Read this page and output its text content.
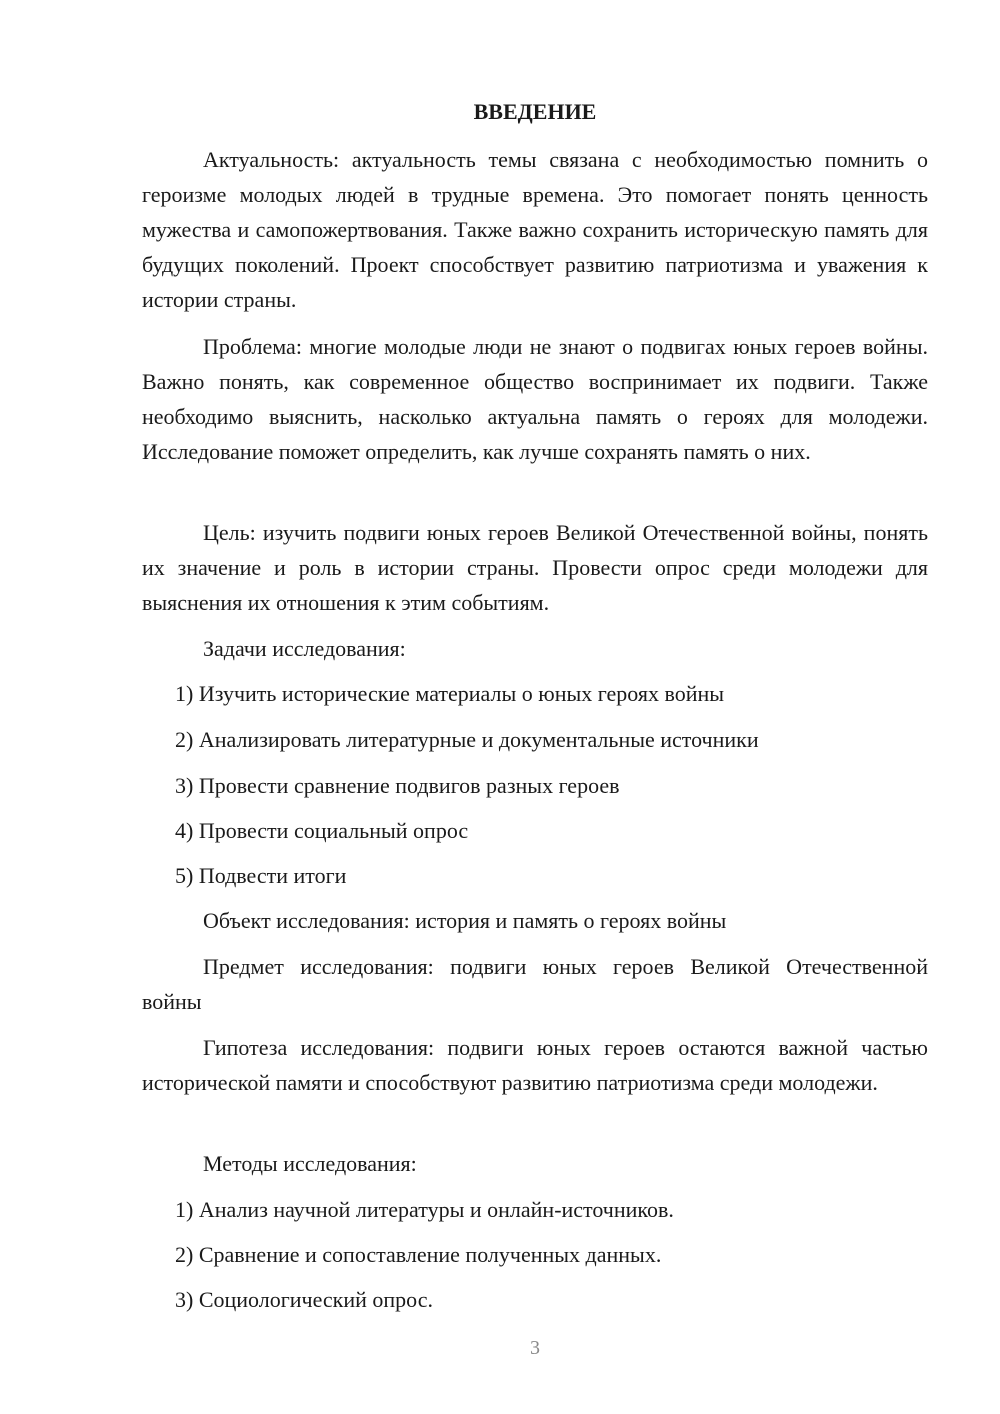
ВВЕДЕНИЕ

Актуальность: актуальность темы связана с необходимостью помнить о героизме молодых людей в трудные времена. Это помогает понять ценность мужества и самопожертвования. Также важно сохранить историческую память для будущих поколений. Проект способствует развитию патриотизма и уважения к истории страны.

Проблема: многие молодые люди не знают о подвигах юных героев войны. Важно понять, как современное общество воспринимает их подвиги. Также необходимо выяснить, насколько актуальна память о героях для молодежи. Исследование поможет определить, как лучше сохранять память о них.

Цель: изучить подвиги юных героев Великой Отечественной войны, понять их значение и роль в истории страны. Провести опрос среди молодежи для выяснения их отношения к этим событиям.

Задачи исследования:

1) Изучить исторические материалы о юных героях войны

2) Анализировать литературные и документальные источники

3) Провести сравнение подвигов разных героев

4) Провести социальный опрос

5) Подвести итоги

Объект исследования: история и память о героях войны

Предмет исследования: подвиги юных героев Великой Отечественной войны

Гипотеза исследования: подвиги юных героев остаются важной частью исторической памяти и способствуют развитию патриотизма среди молодежи.

Методы исследования:

1) Анализ научной литературы и онлайн-источников.

2) Сравнение и сопоставление полученных данных.

3) Социологический опрос.

3
